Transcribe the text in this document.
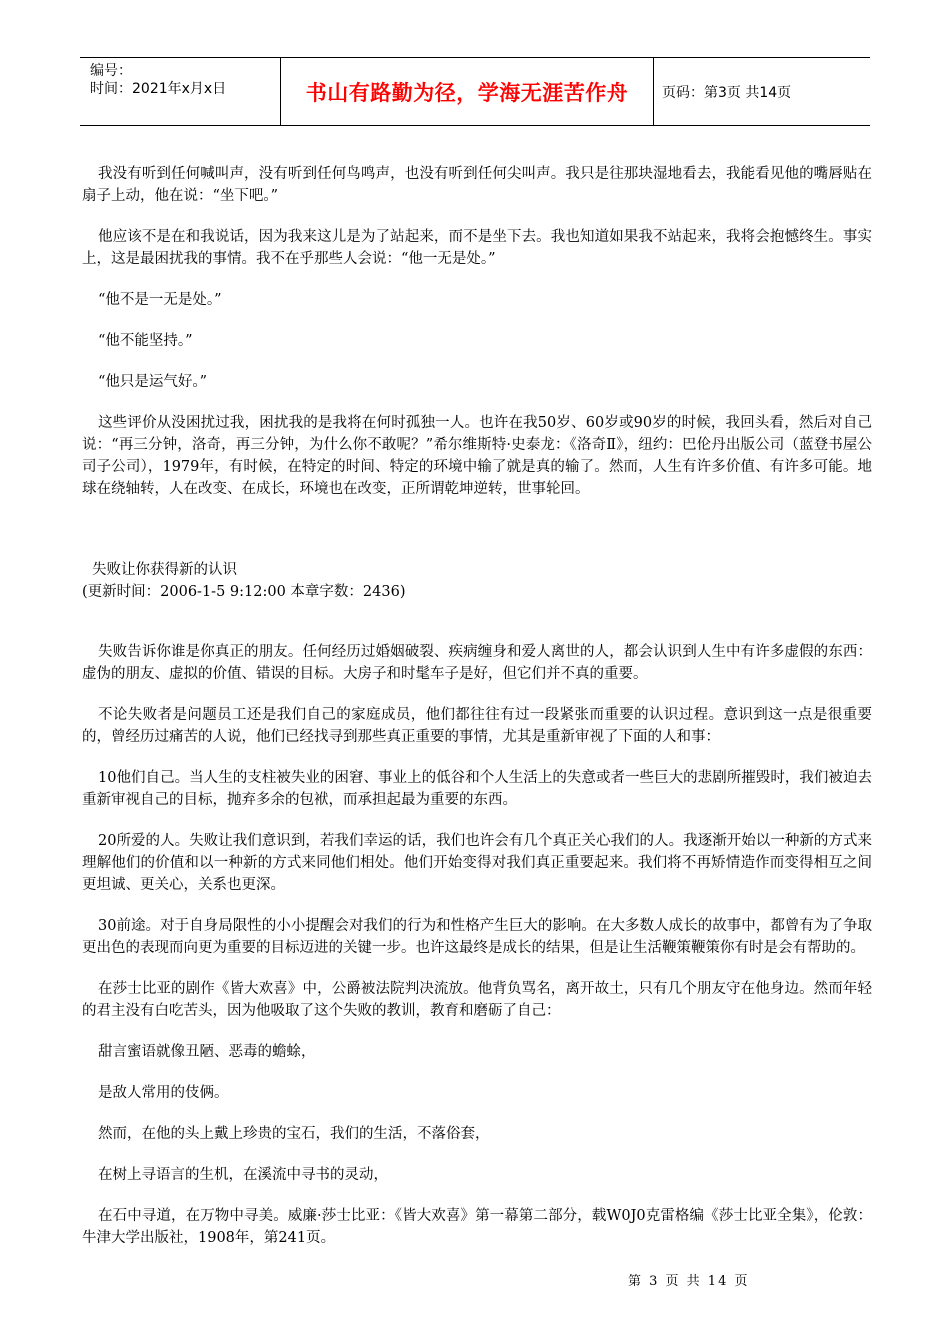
编号：
时间：2021年x月x日	书山有路勤为径，学海无涯苦作舟 页码：第3页 共14页

我没有听到任何喊叫声，没有听到任何鸟鸣声，也没有听到任何尖叫声。我只是往那块湿地看去，我能看见他的嘴唇贴在扇子上动，他在说：“坐下吧。”

他应该不是在和我说话，因为我来这儿是为了站起来，而不是坐下去。我也知道如果我不站起来，我将会抱憾终生。事实上，这是最困扰我的事情。我不在乎那些人会说：“他一无是处。”

“他不是一无是处。”

“他不能坚持。”

“他只是运气好。”

这些评价从没困扰过我，困扰我的是我将在何时孤独一人。也许在我50岁、60岁或90岁的时候，我回头看，然后对自己说：“再三分钟，洛奇，再三分钟，为什么你不敢呢？”希尔维斯特·史泰龙：《洛奇Ⅱ》，纽约：巴伦丹出版公司（蓝登书屋公司子公司），1979年，有时候，在特定的时间、特定的环境中输了就是真的输了。然而，人生有许多价值、有许多可能。地球在绕轴转，人在改变、在成长，环境也在改变，正所谓乾坤逆转，世事轮回。

失败让你获得新的认识

(更新时间：2006-1-5 9:12:00 本章字数：2436)

失败告诉你谁是你真正的朋友。任何经历过婚姻破裂、疾病缠身和爱人离世的人，都会认识到人生中有许多虚假的东西：虚伪的朋友、虚拟的价值、错误的目标。大房子和时髦车子是好，但它们并不真的重要。

不论失败者是问题员工还是我们自己的家庭成员，他们都往往有过一段紧张而重要的认识过程。意识到这一点是很重要的，曾经历过痛苦的人说，他们已经找寻到那些真正重要的事情，尤其是重新审视了下面的人和事：

10他们自己。当人生的支柱被失业的困窘、事业上的低谷和个人生活上的失意或者一些巨大的悲剧所摧毁时，我们被迫去重新审视自己的目标，抛弃多余的包袱，而承担起最为重要的东西。

20所爱的人。失败让我们意识到，若我们幸运的话，我们也许会有几个真正关心我们的人。我逐渐开始以一种新的方式来理解他们的价值和以一种新的方式来同他们相处。他们开始变得对我们真正重要起来。我们将不再矫情造作而变得相互之间更坦诚、更关心，关系也更深。

30前途。对于自身局限性的小小提醒会对我们的行为和性格产生巨大的影响。在大多数人成长的故事中，都曾有为了争取更出色的表现而向更为重要的目标迈进的关键一步。也许这最终是成长的结果，但是让生活鞭策鞭策你有时是会有帮助的。

在莎士比亚的剧作《皆大欢喜》中，公爵被法院判决流放。他背负骂名，离开故土，只有几个朋友守在他身边。然而年轻的君主没有白吃苦头，因为他吸取了这个失败的教训，教育和磨砺了自己：

甜言蜜语就像丑陋、恶毒的蟾蜍，

是敌人常用的伎俩。

然而，在他的头上戴上珍贵的宝石，我们的生活，不落俗套，

在树上寻语言的生机，在溪流中寻书的灵动，

在石中寻道，在万物中寻美。威廉·莎士比亚：《皆大欢喜》第一幕第二部分，载W0J0克雷格编《莎士比亚全集》，伦敦：牛津大学出版社，1908年，第241页。

第 3 页 共 14 页
